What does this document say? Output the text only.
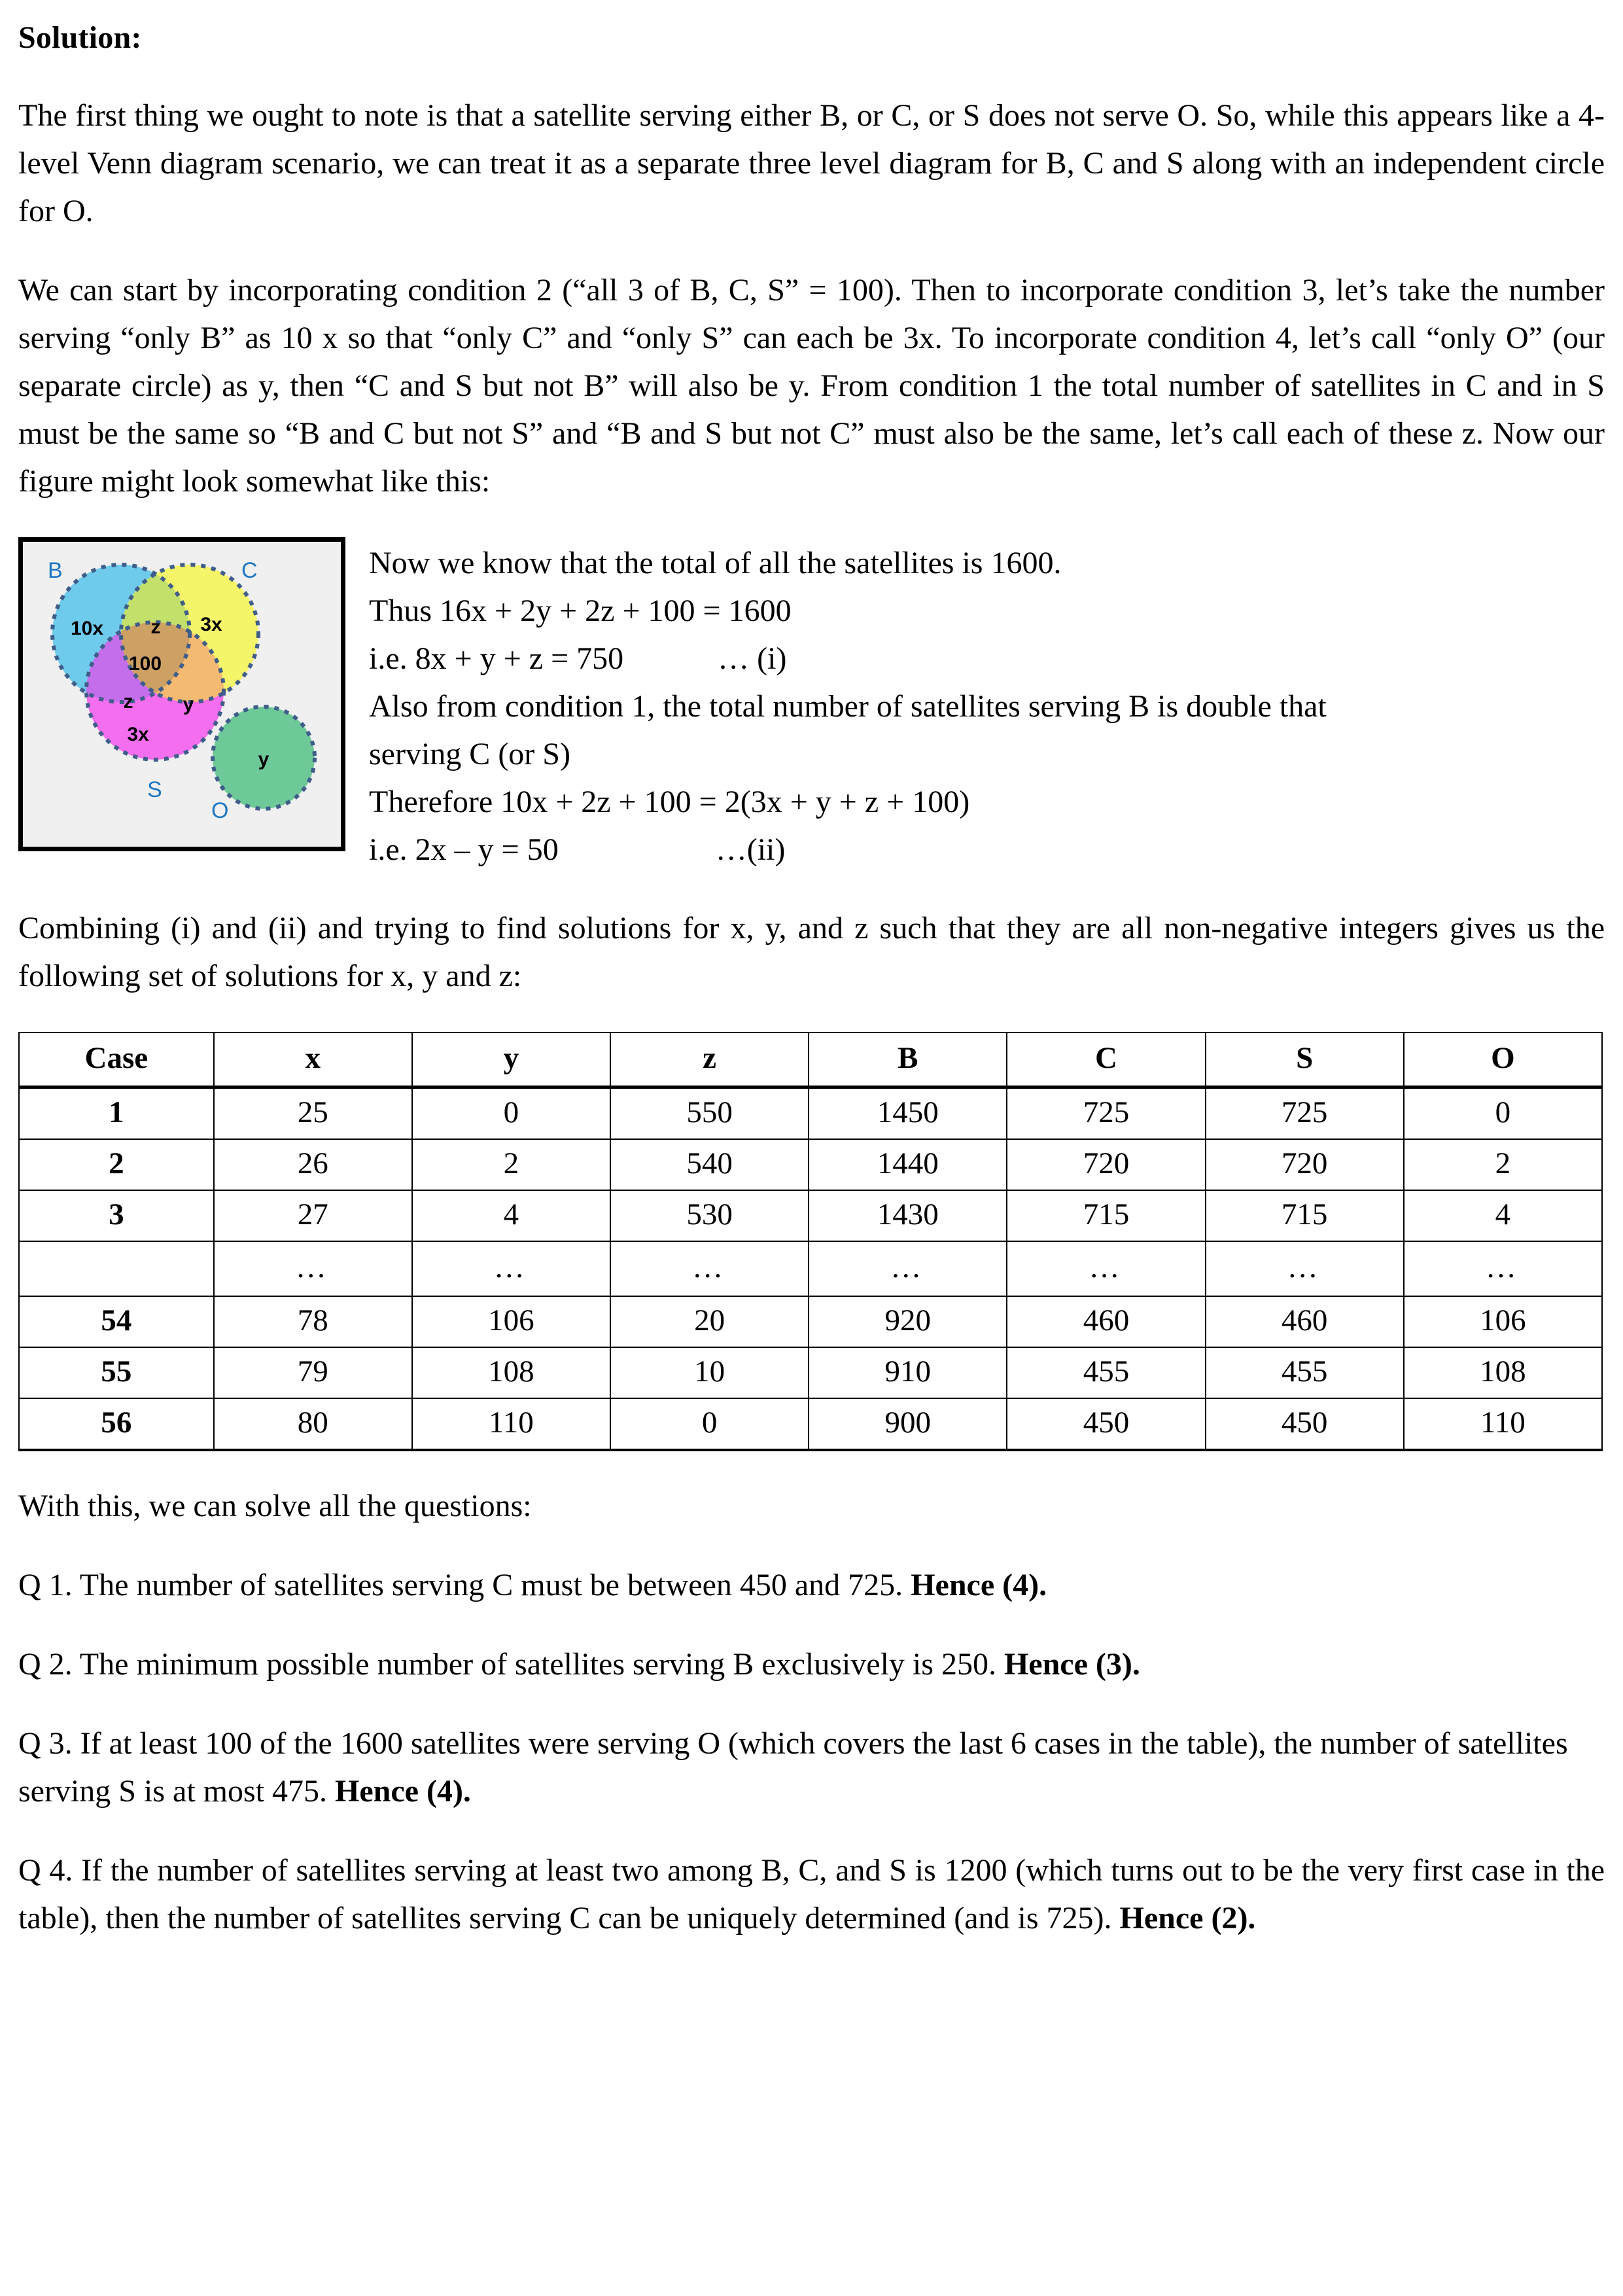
Solution:

The first thing we ought to note is that a satellite serving either B, or C, or S does not serve O. So, while this appears like a 4-level Venn diagram scenario, we can treat it as a separate three level diagram for B, C and S along with an independent circle for O.

We can start by incorporating condition 2 (“all 3 of B, C, S” = 100). Then to incorporate condition 3, let’s take the number serving “only B” as 10 x so that “only C” and “only S” can each be 3x. To incorporate condition 4, let’s call “only O” (our separate circle) as y, then “C and S but not B” will also be y. From condition 1 the total number of satellites in C and in S must be the same so “B and C but not S” and “B and S but not C” must also be the same, let’s call each of these z. Now our figure might look somewhat like this:

B	C
S
O
10x z 3x
100
z	y
3x
y
Now we know that the total of all the satellites is 1600.
Thus 16x + 2y + 2z + 100 = 1600
i.e. 8x + y + z = 750            … (i)
Also from condition 1, the total number of satellites serving B is double that
serving C (or S)
Therefore 10x + 2z + 100 = 2(3x + y + z + 100)
i.e. 2x – y = 50                    …(ii)

Combining (i) and (ii) and trying to find solutions for x, y, and z such that they are all non-negative integers gives us the following set of solutions for x, y and z:

Case	x	y	z	B	C	S	O
1	25	0	550	1450	725	725	0
2	26	2	540	1440	720	720	2
3	27	4	530	1430	715	715	4
	…	…	…	…	…	…	…
54	78	106	20	920	460	460	106
55	79	108	10	910	455	455	108
56	80	110	0	900	450	450	110

With this, we can solve all the questions:

Q 1. The number of satellites serving C must be between 450 and 725. Hence (4).

Q 2. The minimum possible number of satellites serving B exclusively is 250. Hence (3).

Q 3. If at least 100 of the 1600 satellites were serving O (which covers the last 6 cases in the table), the number of satellites serving S is at most 475. Hence (4).

Q 4. If the number of satellites serving at least two among B, C, and S is 1200 (which turns out to be the very first case in the table), then the number of satellites serving C can be uniquely determined (and is 725). Hence (2).
